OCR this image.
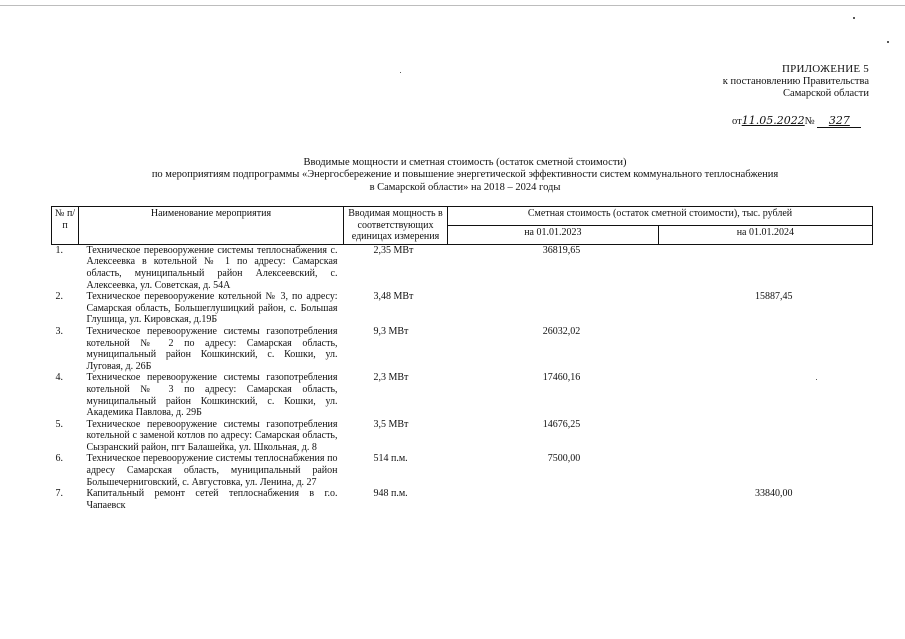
ПРИЛОЖЕНИЕ 5
к постановлению Правительства
Самарской области
от11.05.2022№ 327
Вводимые мощности и сметная стоимость (остаток сметной стоимости)
по мероприятиям подпрограммы «Энергосбережение и повышение энергетической эффективности систем коммунального теплоснабжения
в Самарской области» на 2018 – 2024 годы
№ п/п	Наименование мероприятия	Вводимая мощность в соответствующих единицах измерения	Сметная стоимость (остаток сметной стоимости), тыс. рублей	
			на 01.01.2023	на 01.01.2024
1.	Техническое перевооружение системы теплоснабжения с. Алексеевка в котельной № 1 по адресу: Самарская область, муниципальный район Алексеевский, с. Алексеевка, ул. Советская, д. 54А	2,35 МВт	36819,65	
2.	Техническое перевооружение котельной № 3, по адресу: Самарская область, Большеглушицкий район, с. Большая Глушица, ул. Кировская, д.19Б	3,48 МВт		15887,45
3.	Техническое перевооружение системы газопотребления котельной № 2 по адресу: Самарская область, муниципальный район Кошкинский, с. Кошки, ул. Луговая, д. 26Б	9,3 МВт	26032,02	
4.	Техническое перевооружение системы газопотребления котельной № 3 по адресу: Самарская область, муниципальный район Кошкинский, с. Кошки, ул. Академика Павлова, д. 29Б	2,3 МВт	17460,16	
5.	Техническое перевооружение системы газопотребления котельной с заменой котлов по адресу: Самарская область, Сызранский район, пгт Балашейка, ул. Школьная, д. 8	3,5 МВт	14676,25	
6.	Техническое перевооружение системы теплоснабжения по адресу Самарская область, муниципальный район Большечерниговский, с. Августовка, ул. Ленина, д. 27	514 п.м.	7500,00	
7.	Капитальный ремонт сетей теплоснабжения в г.о. Чапаевск	948 п.м.		33840,00
